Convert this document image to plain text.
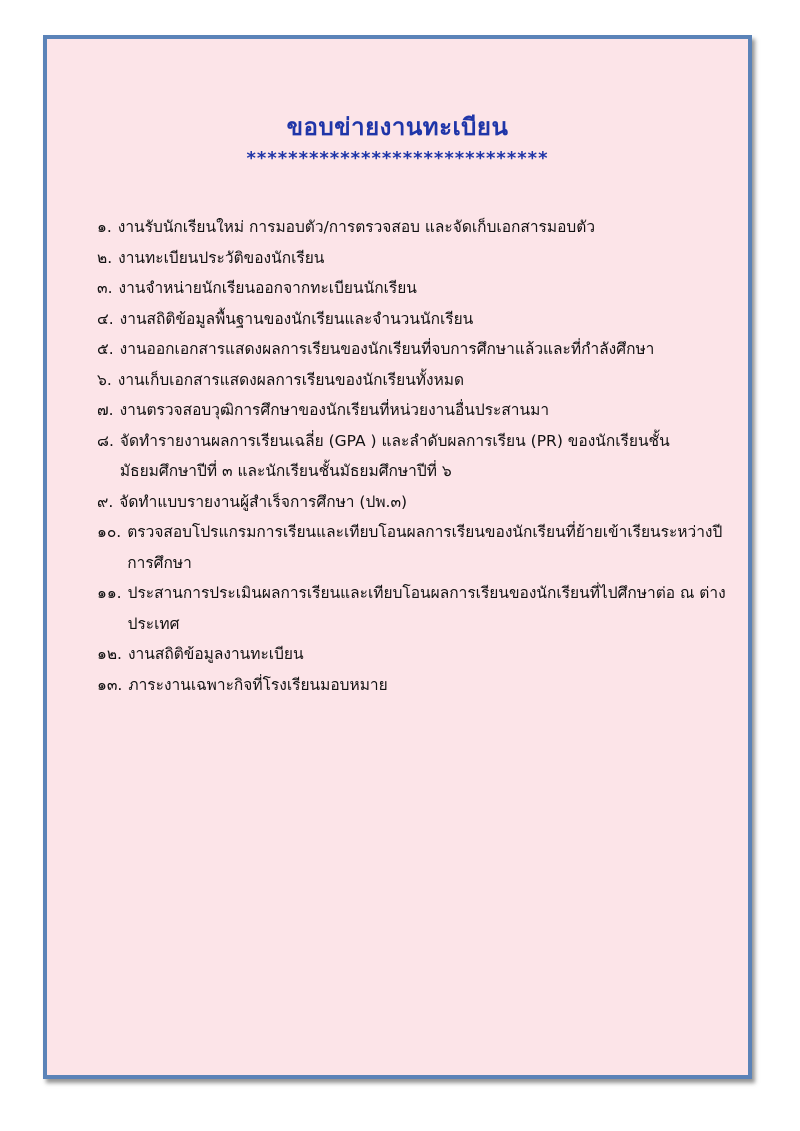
ขอบข่ายงานทะเบียน
*****************************
๑. งานรับนักเรียนใหม่ การมอบตัว/การตรวจสอบ และจัดเก็บเอกสารมอบตัว
๒. งานทะเบียนประวัติของนักเรียน
๓. งานจำหน่ายนักเรียนออกจากทะเบียนนักเรียน
๔. งานสถิติข้อมูลพื้นฐานของนักเรียนและจำนวนนักเรียน
๕. งานออกเอกสารแสดงผลการเรียนของนักเรียนที่จบการศึกษาแล้วและที่กำลังศึกษา
๖. งานเก็บเอกสารแสดงผลการเรียนของนักเรียนทั้งหมด
๗. งานตรวจสอบวุฒิการศึกษาของนักเรียนที่หน่วยงานอื่นประสานมา
๘. จัดทำรายงานผลการเรียนเฉลี่ย (GPA ) และลำดับผลการเรียน (PR) ของนักเรียนชั้นมัธยมศึกษาปีที่ ๓ และนักเรียนชั้นมัธยมศึกษาปีที่ ๖
๙. จัดทำแบบรายงานผู้สำเร็จการศึกษา (ปพ.๓)
๑๐. ตรวจสอบโปรแกรมการเรียนและเทียบโอนผลการเรียนของนักเรียนที่ย้ายเข้าเรียนระหว่างปีการศึกษา
๑๑. ประสานการประเมินผลการเรียนและเทียบโอนผลการเรียนของนักเรียนที่ไปศึกษาต่อ ณ ต่างประเทศ
๑๒. งานสถิติข้อมูลงานทะเบียน
๑๓. ภาระงานเฉพาะกิจที่โรงเรียนมอบหมาย
